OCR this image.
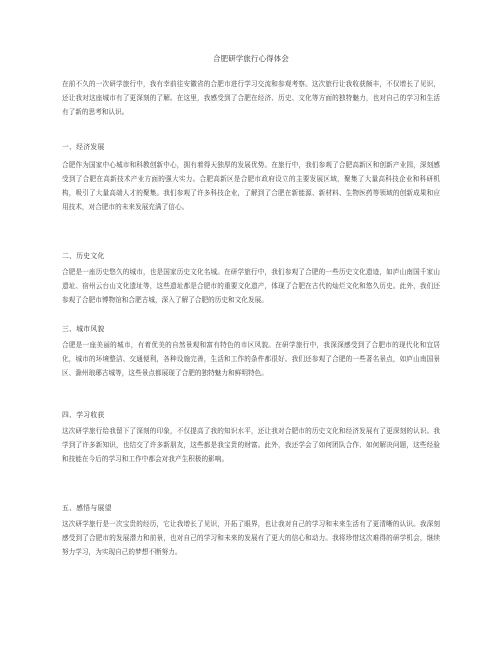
合肥研学旅行心得体会

在前不久的一次研学旅行中，我有幸前往安徽省的合肥市进行学习交流和参观考察。这次旅行让我收获颇丰，不仅增长了见识，还让我对这座城市有了更深刻的了解。在这里，我感受到了合肥在经济、历史、文化等方面的独特魅力，也对自己的学习和生活有了新的思考和认识。

一、经济发展

合肥作为国家中心城市和科教创新中心，拥有着得天独厚的发展优势。在旅行中，我们参观了合肥高新区和创新产业园，深刻感受到了合肥在高新技术产业方面的强大实力。合肥高新区是合肥市政府设立的主要发展区域，聚集了大量高科技企业和科研机构，吸引了大量高端人才的聚集。我们参观了许多科技企业，了解到了合肥在新能源、新材料、生物医药等领域的创新成果和应用技术，对合肥市的未来发展充满了信心。

二、历史文化

合肥是一座历史悠久的城市，也是国家历史文化名城。在研学旅行中，我们参观了合肥的一些历史文化遗迹，如庐山南国千家山遗址、宿州云台山文化遗址等，这些遗址都是合肥市的重要文化遗产，体现了合肥在古代的灿烂文化和悠久历史。此外，我们还参观了合肥市博物馆和合肥古城，深入了解了合肥的历史和文化发展。

三、城市风貌

合肥是一座美丽的城市，有着优美的自然景观和富有特色的市区风貌。在研学旅行中，我深深感受到了合肥市的现代化和宜居化，城市的环境整洁、交通便利，各种设施完善，生活和工作的条件都很好。我们还参观了合肥的一些著名景点，如庐山南国景区、滁州琅琊古城等，这些景点都展现了合肥的独特魅力和鲜明特色。

四、学习收获

这次研学旅行给我留下了深刻的印象，不仅提高了我的知识水平，还让我对合肥市的历史文化和经济发展有了更深刻的认识。我学到了许多新知识，也结交了许多新朋友，这些都是我宝贵的财富。此外，我还学会了如何团队合作、如何解决问题，这些经验和技能在今后的学习和工作中都会对我产生积极的影响。

五、感悟与展望

这次研学旅行是一次宝贵的经历，它让我增长了见识，开拓了眼界，也让我对自己的学习和未来生活有了更清晰的认识。我深刻感受到了合肥市的发展潜力和前景，也对自己的学习和未来的发展有了更大的信心和动力。我将珍惜这次难得的研学机会，继续努力学习，为实现自己的梦想不断努力。
